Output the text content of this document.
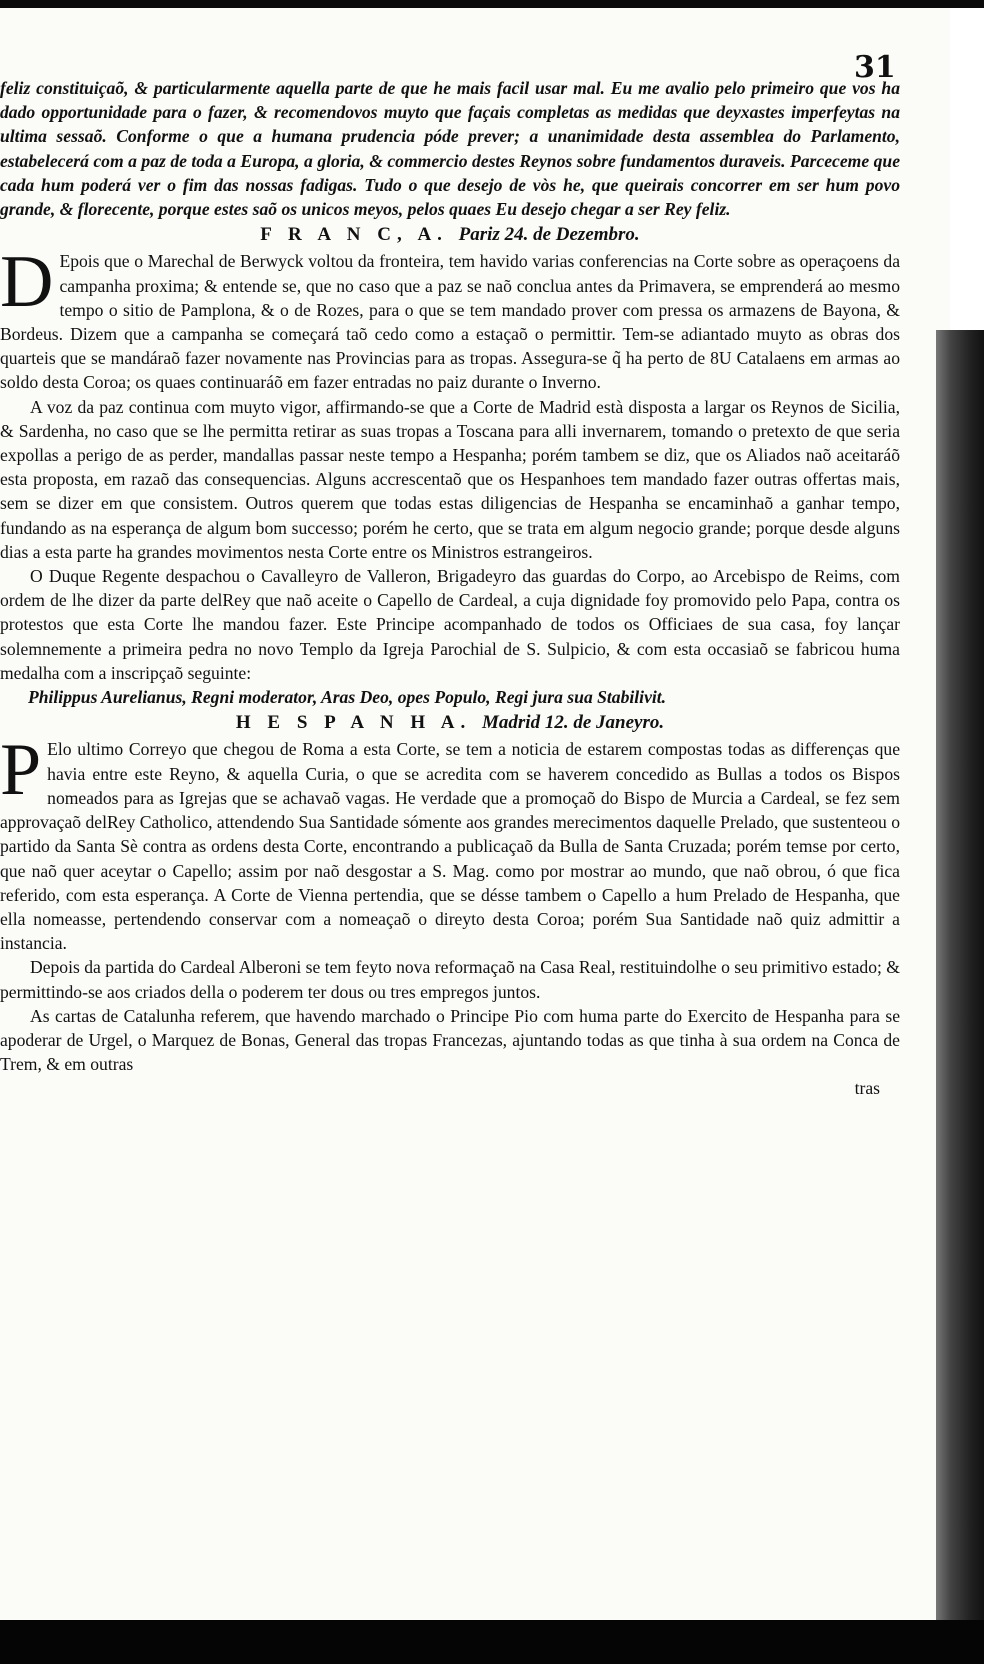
31

feliz constituiçaõ, & particularmente aquella parte de que he mais facil usar mal. Eu me avalio pelo primeiro que vos ha dado opportunidade para o fazer, & recomendovos muyto que façais completas as medidas que deyxastes imperfeytas na ultima sessaõ. Conforme o que a humana prudencia póde prever; a unanimidade desta assemblea do Parlamento, estabelecerá com a paz de toda a Europa, a gloria, & commercio destes Reynos sobre fundamentos duraveis. Parceceme que cada hum poderá ver o fim das nossas fadigas. Tudo o que desejo de vòs he, que queirais concorrer em ser hum povo grande, & florecente, porque estes saõ os unicos meyos, pelos quaes Eu desejo chegar a ser Rey feliz.

F R A N C, A. Pariz 24. de Dezembro.

D Epois que o Marechal de Berwyck voltou da fronteira, tem havido varias conferencias na Corte sobre as operaçoens da campanha proxima; & entende se, que no caso que a paz se naõ conclua antes da Primavera, se emprenderá ao mesmo tempo o sitio de Pamplona, & o de Rozes, para o que se tem mandado prover com pressa os armazens de Bayona, & Bordeus. Dizem que a campanha se começará taõ cedo como a estaçaõ o permittir. Tem-se adiantado muyto as obras dos quarteis que se mandáraõ fazer novamente nas Provincias para as tropas. Assegura-se q̃ ha perto de 8U Catalaens em armas ao soldo desta Coroa; os quaes continuaráõ em fazer entradas no paiz durante o Inverno.

A voz da paz continua com muyto vigor, affirmando-se que a Corte de Madrid està disposta a largar os Reynos de Sicilia, & Sardenha, no caso que se lhe permitta retirar as suas tropas a Toscana para alli invernarem, tomando o pretexto de que seria expollas a perigo de as perder, mandallas passar neste tempo a Hespanha; porém tambem se diz, que os Aliados naõ aceitaráõ esta proposta, em razaõ das consequencias. Alguns accrescentaõ que os Hespanhoes tem mandado fazer outras offertas mais, sem se dizer em que consistem. Outros querem que todas estas diligencias de Hespanha se encaminhaõ a ganhar tempo, fundando as na esperança de algum bom successo; porém he certo, que se trata em algum negocio grande; porque desde alguns dias a esta parte ha grandes movimentos nesta Corte entre os Ministros estrangeiros.

O Duque Regente despachou o Cavalleyro de Valleron, Brigadeyro das guardas do Corpo, ao Arcebispo de Reims, com ordem de lhe dizer da parte delRey que naõ aceite o Capello de Cardeal, a cuja dignidade foy promovido pelo Papa, contra os protestos que esta Corte lhe mandou fazer. Este Principe acompanhado de todos os Officiaes de sua casa, foy lançar solemnemente a primeira pedra no novo Templo da Igreja Parochial de S. Sulpicio, & com esta occasiaõ se fabricou huma medalha com a inscripçaõ seguinte:

Philippus Aurelianus, Regni moderator, Aras Deo, opes Populo, Regi jura sua Stabilivit.

H E S P A N H A. Madrid 12. de Janeyro.

P Elo ultimo Correyo que chegou de Roma a esta Corte, se tem a noticia de estarem compostas todas as differenças que havia entre este Reyno, & aquella Curia, o que se acredita com se haverem concedido as Bullas a todos os Bispos nomeados para as Igrejas que se achavaõ vagas. He verdade que a promoçaõ do Bispo de Murcia a Cardeal, se fez sem approvaçaõ delRey Catholico, attendendo Sua Santidade sómente aos grandes merecimentos daquelle Prelado, que sustenteou o partido da Santa Sè contra as ordens desta Corte, encontrando a publicaçaõ da Bulla de Santa Cruzada; porém temse por certo, que naõ quer aceytar o Capello; assim por naõ desgostar a S. Mag. como por mostrar ao mundo, que naõ obrou, ó que fica referido, com esta esperança. A Corte de Vienna pertendia, que se désse tambem o Capello a hum Prelado de Hespanha, que ella nomeasse, pertendendo conservar com a nomeaçaõ o direyto desta Coroa; porém Sua Santidade naõ quiz admittir a instancia.

Depois da partida do Cardeal Alberoni se tem feyto nova reformaçaõ na Casa Real, restituindolhe o seu primitivo estado; & permittindo-se aos criados della o poderem ter dous ou tres empregos juntos.

As cartas de Catalunha referem, que havendo marchado o Principe Pio com huma parte do Exercito de Hespanha para se apoderar de Urgel, o Marquez de Bonas, General das tropas Francezas, ajuntando todas as que tinha à sua ordem na Conca de Trem, & em outras

tras
